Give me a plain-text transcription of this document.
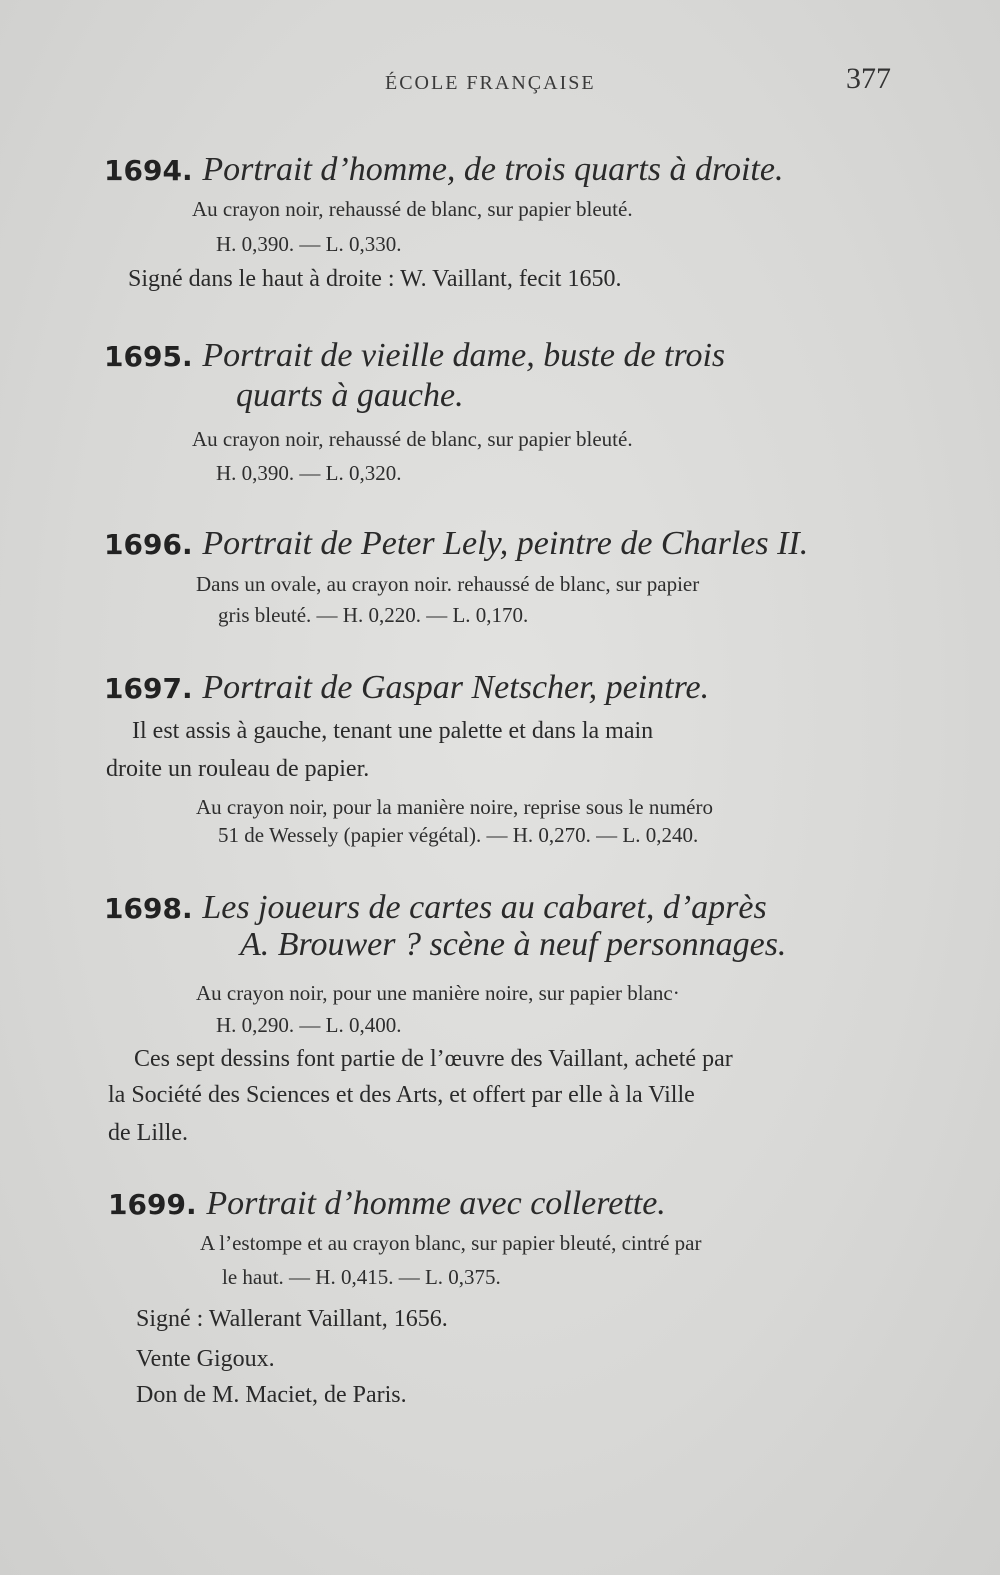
ÉCOLE FRANÇAISE	377
1694. Portrait d’homme, de trois quarts à droite.
Au crayon noir, rehaussé de blanc, sur papier bleuté.
H. 0,390. — L. 0,330.
Signé dans le haut à droite : W. Vaillant, fecit 1650.
1695. Portrait de vieille dame, buste de trois
quarts à gauche.
Au crayon noir, rehaussé de blanc, sur papier bleuté.
H. 0,390. — L. 0,320.
1696. Portrait de Peter Lely, peintre de Charles II.
Dans un ovale, au crayon noir. rehaussé de blanc, sur papier
gris bleuté. — H. 0,220. — L. 0,170.
1697. Portrait de Gaspar Netscher, peintre.
Il est assis à gauche, tenant une palette et dans la main
droite un rouleau de papier.
Au crayon noir, pour la manière noire, reprise sous le numéro
51 de Wessely (papier végétal). — H. 0,270. — L. 0,240.
1698. Les joueurs de cartes au cabaret, d’après
A. Brouwer ? scène à neuf personnages.
Au crayon noir, pour une manière noire, sur papier blanc·
H. 0,290. — L. 0,400.
Ces sept dessins font partie de l’œuvre des Vaillant, acheté par
la Société des Sciences et des Arts, et offert par elle à la Ville
de Lille.
1699. Portrait d’homme avec collerette.
A l’estompe et au crayon blanc, sur papier bleuté, cintré par
le haut. — H. 0,415. — L. 0,375.
Signé : Wallerant Vaillant, 1656.
Vente Gigoux.
Don de M. Maciet, de Paris.
